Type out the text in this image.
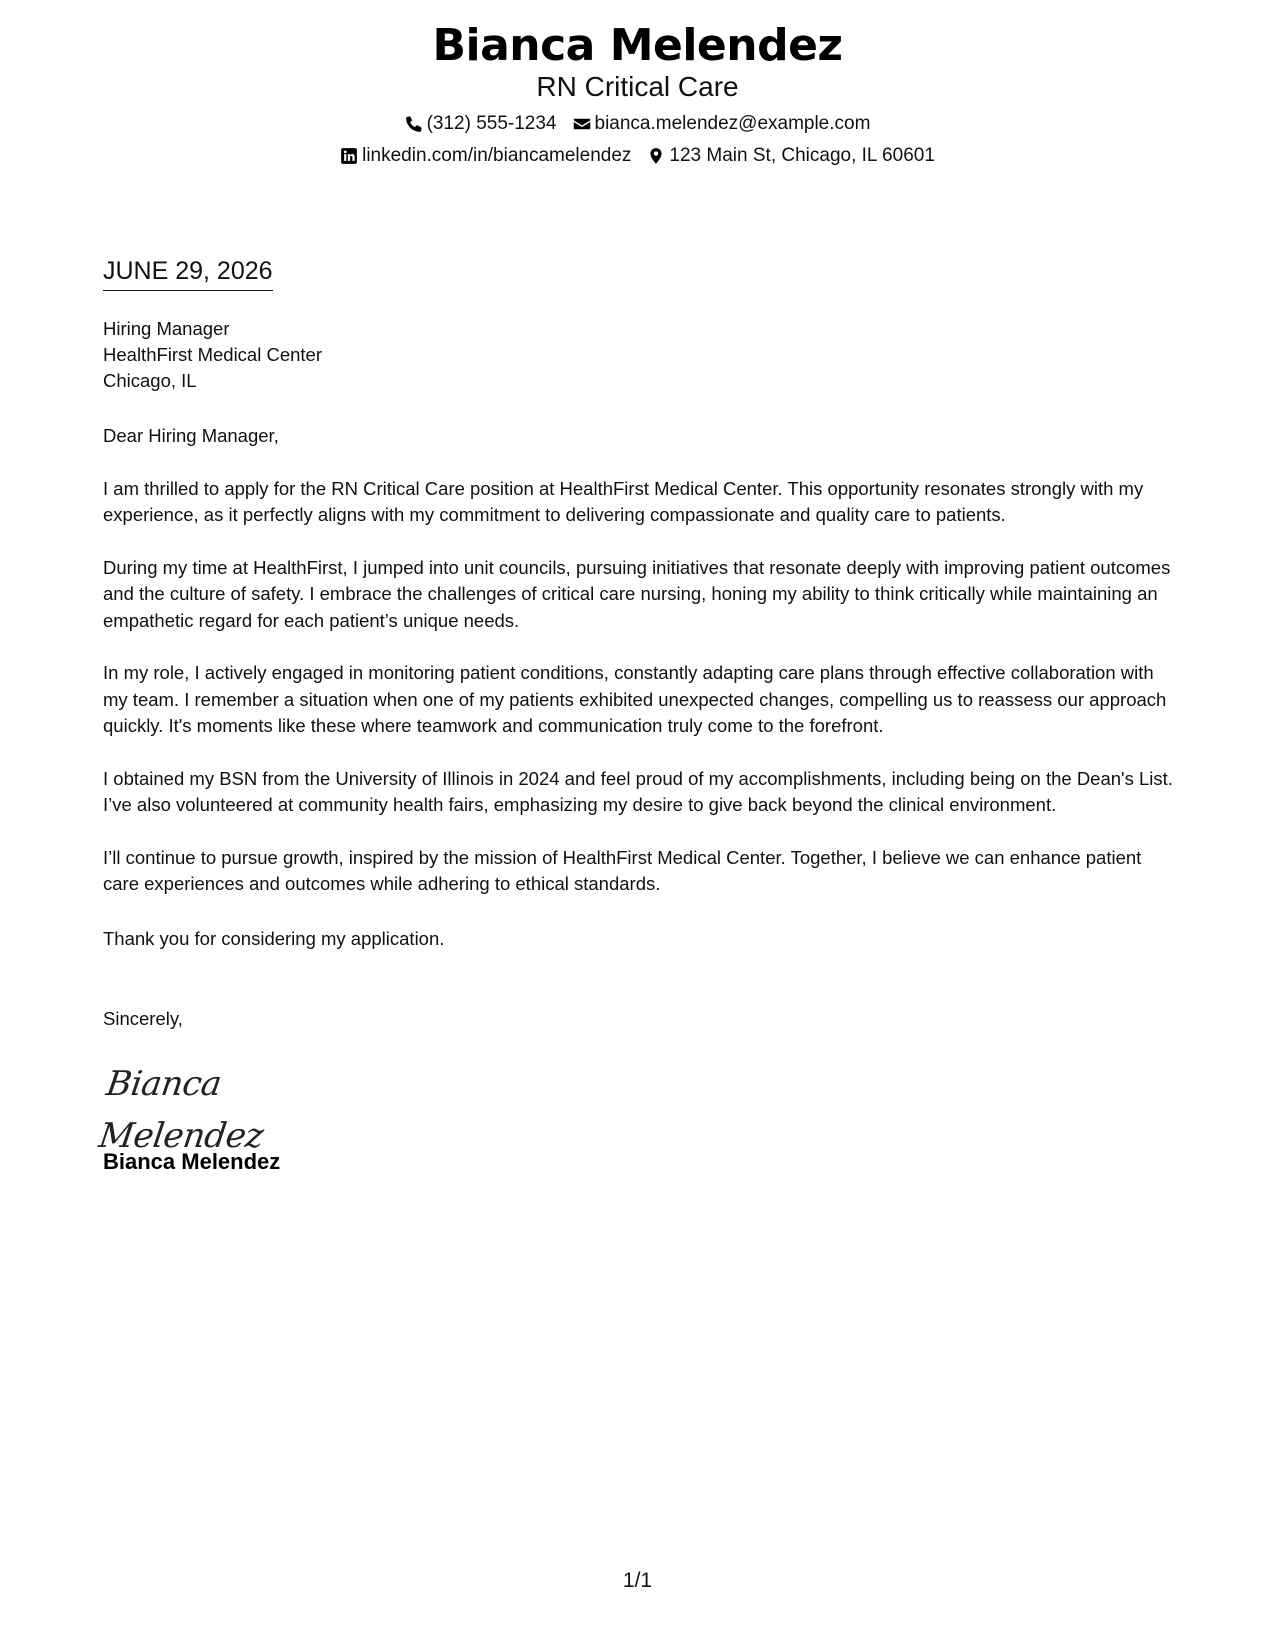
Bianca Melendez
RN Critical Care
(312) 555-1234 bianca.melendez@example.com
linkedin.com/in/biancamelendez 123 Main St, Chicago, IL 60601
JUNE 29, 2026
Hiring Manager
HealthFirst Medical Center
Chicago, IL
Dear Hiring Manager,

I am thrilled to apply for the RN Critical Care position at HealthFirst Medical Center. This opportunity resonates strongly with my experience, as it perfectly aligns with my commitment to delivering compassionate and quality care to patients.

During my time at HealthFirst, I jumped into unit councils, pursuing initiatives that resonate deeply with improving patient outcomes and the culture of safety. I embrace the challenges of critical care nursing, honing my ability to think critically while maintaining an empathetic regard for each patient’s unique needs.

In my role, I actively engaged in monitoring patient conditions, constantly adapting care plans through effective collaboration with my team. I remember a situation when one of my patients exhibited unexpected changes, compelling us to reassess our approach quickly. It's moments like these where teamwork and communication truly come to the forefront.

I obtained my BSN from the University of Illinois in 2024 and feel proud of my accomplishments, including being on the Dean's List. I’ve also volunteered at community health fairs, emphasizing my desire to give back beyond the clinical environment.

I’ll continue to pursue growth, inspired by the mission of HealthFirst Medical Center. Together, I believe we can enhance patient care experiences and outcomes while adhering to ethical standards.

Thank you for considering my application.
Sincerely,
Bianca Melendez
Bianca Melendez
1/1
